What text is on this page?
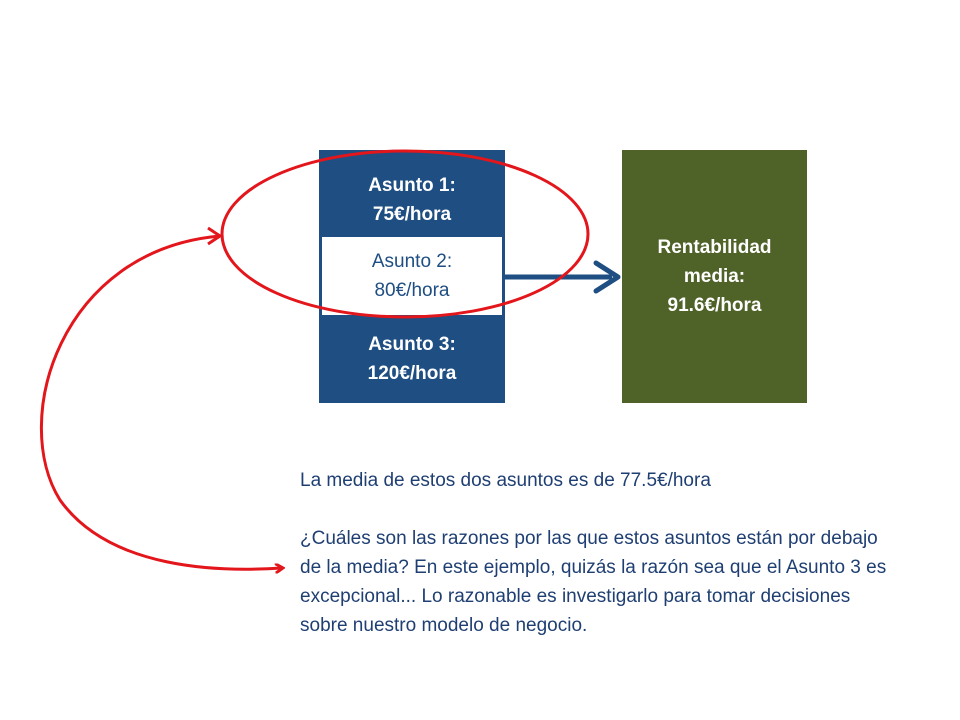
Asunto 1:
75€/hora
Asunto 2:
80€/hora
Asunto 3:
120€/hora
Rentabilidad
media:
91.6€/hora

La media de estos dos asuntos es de 77.5€/hora

¿Cuáles son las razones por las que estos asuntos están por debajo de la media? En este ejemplo, quizás la razón sea que el Asunto 3 es excepcional... Lo razonable es investigarlo para tomar decisiones sobre nuestro modelo de negocio.
